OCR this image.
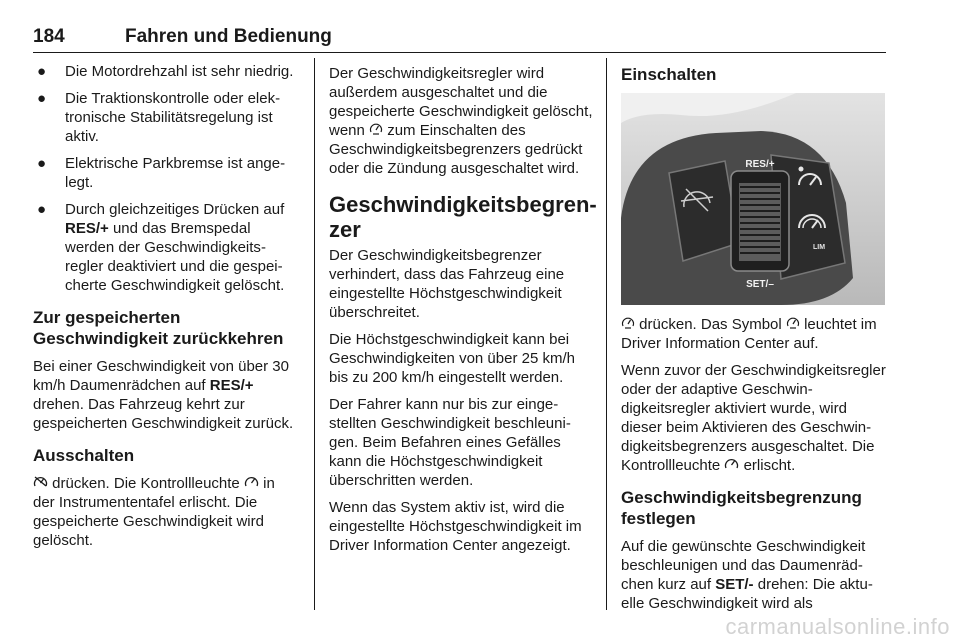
184	Fahren und Bedienung
● Die Motordrehzahl ist sehr niedrig.
● Die Traktionskontrolle oder elektronische Stabilitätsregelung ist aktiv.
● Elektrische Parkbremse ist angelegt.
● Durch gleichzeitiges Drücken auf RES/+ und das Bremspedal werden der Geschwindigkeitsregler deaktiviert und die gespeicherte Geschwindigkeit gelöscht.
Zur gespeicherten Geschwindigkeit zurückkehren

Bei einer Geschwindigkeit von über 30 km/h Daumenrädchen auf RES/+ drehen. Das Fahrzeug kehrt zur gespeicherten Geschwindigkeit zurück.

Ausschalten

drücken. Die Kontrollleuchte  in der Instrumententafel erlischt. Die gespeicherte Geschwindigkeit wird gelöscht.

Der Geschwindigkeitsregler wird außerdem ausgeschaltet und die gespeicherte Geschwindigkeit gelöscht, wenn  zum Einschalten des Geschwindigkeitsbegrenzers gedrückt oder die Zündung ausgeschaltet wird.

Geschwindigkeitsbegrenzer

Der Geschwindigkeitsbegrenzer verhindert, dass das Fahrzeug eine eingestellte Höchstgeschwindigkeit überschreitet.

Die Höchstgeschwindigkeit kann bei Geschwindigkeiten von über 25 km/h bis zu 200 km/h eingestellt werden.

Der Fahrer kann nur bis zur eingestellten Geschwindigkeit beschleunigen. Beim Befahren eines Gefälles kann die Höchstgeschwindigkeit überschritten werden.

Wenn das System aktiv ist, wird die eingestellte Höchstgeschwindigkeit im Driver Information Center angezeigt.

Einschalten
RES/+
SET/–
LIM

drücken. Das Symbol  leuchtet im Driver Information Center auf.

Wenn zuvor der Geschwindigkeitsregler oder der adaptive Geschwindigkeitsregler aktiviert wurde, wird dieser beim Aktivieren des Geschwindigkeitsbegrenzers ausgeschaltet. Die Kontrollleuchte  erlischt.

Geschwindigkeitsbegrenzung festlegen

Auf die gewünschte Geschwindigkeit beschleunigen und das Daumenrädchen kurz auf SET/- drehen: Die aktuelle Geschwindigkeit wird als

carmanualsonline.info
